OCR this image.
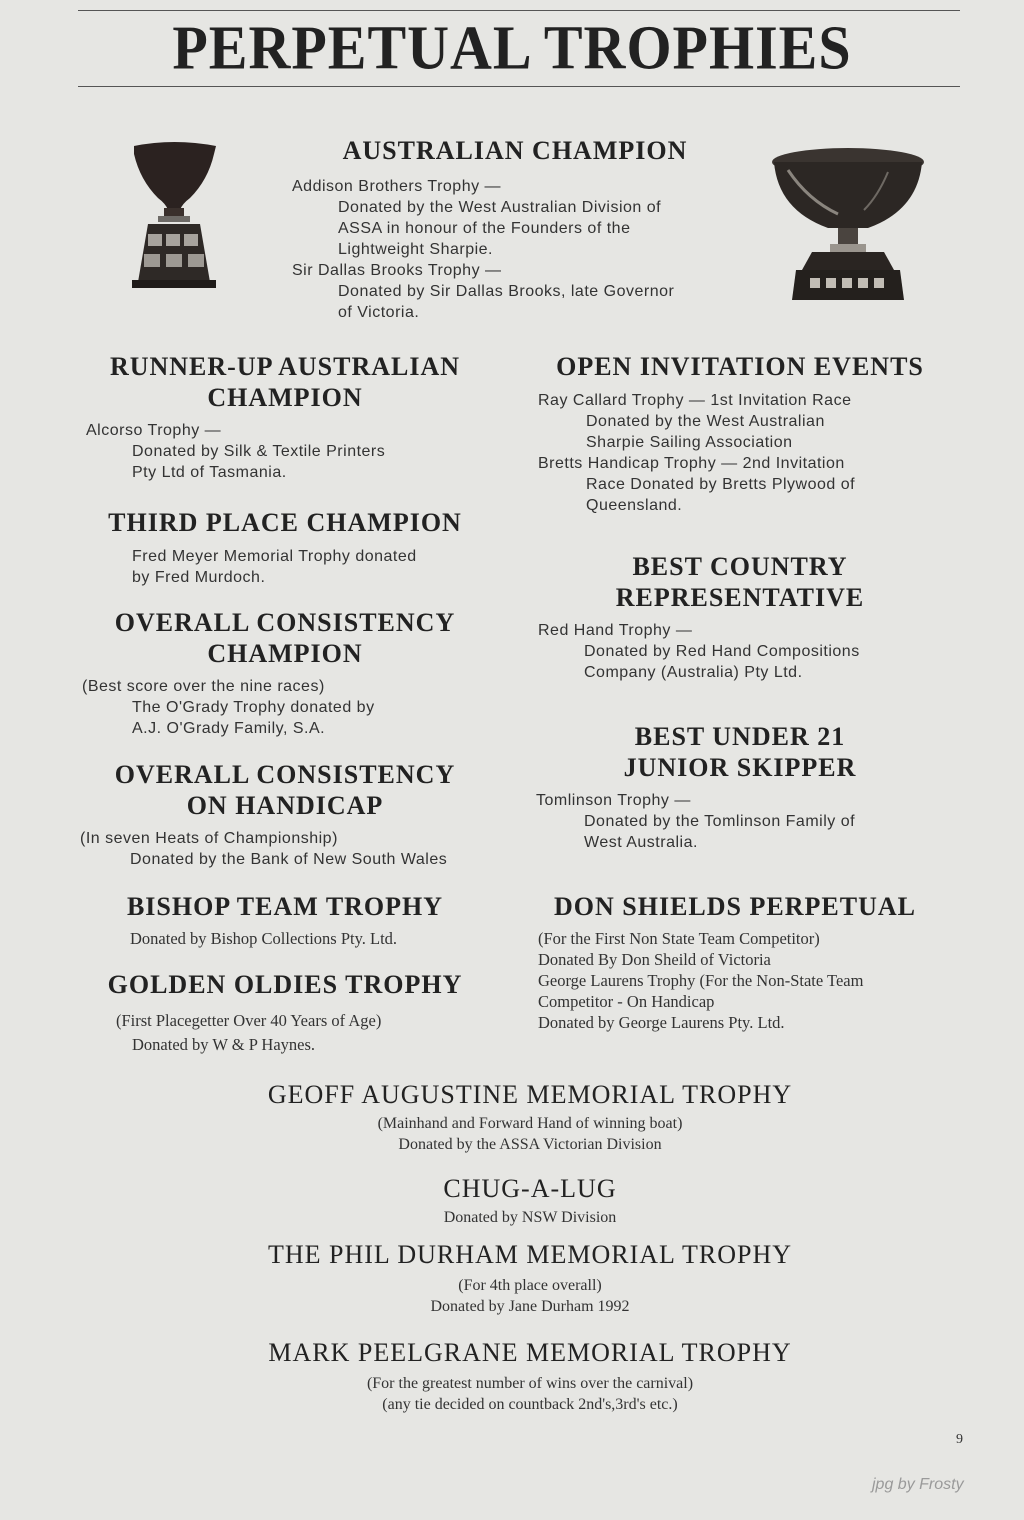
PERPETUAL TROPHIES
AUSTRALIAN CHAMPION
Addison Brothers Trophy —
Donated by the West Australian Division of
ASSA in honour of the Founders of the
Lightweight Sharpie.
Sir Dallas Brooks Trophy —
Donated by Sir Dallas Brooks, late Governor
of Victoria.
RUNNER-UP AUSTRALIAN
CHAMPION
Alcorso Trophy —
Donated by Silk & Textile Printers
Pty Ltd of Tasmania.
THIRD PLACE CHAMPION
Fred Meyer Memorial Trophy donated
by Fred Murdoch.
OVERALL CONSISTENCY
CHAMPION
(Best score over the nine races)
The O'Grady Trophy donated by
A.J. O'Grady Family, S.A.
OVERALL CONSISTENCY
ON HANDICAP
(In seven Heats of Championship)
Donated by the Bank of New South Wales
BISHOP TEAM TROPHY
Donated by Bishop Collections Pty. Ltd.
GOLDEN OLDIES TROPHY
(First Placegetter Over 40 Years of Age)
Donated by W & P Haynes.
OPEN INVITATION EVENTS
Ray Callard Trophy — 1st Invitation Race
Donated by the West Australian
Sharpie Sailing Association
Bretts Handicap Trophy — 2nd Invitation
Race Donated by Bretts Plywood of
Queensland.
BEST COUNTRY
REPRESENTATIVE
Red Hand Trophy —
Donated by Red Hand Compositions
Company (Australia) Pty Ltd.
BEST UNDER 21
JUNIOR SKIPPER
Tomlinson Trophy —
Donated by the Tomlinson Family of
West Australia.
DON SHIELDS PERPETUAL
(For the First Non State Team Competitor)
Donated By Don Sheild of Victoria
George Laurens Trophy (For the Non-State Team
Competitor - On Handicap
Donated by George Laurens Pty. Ltd.
GEOFF AUGUSTINE MEMORIAL TROPHY
(Mainhand and Forward Hand of winning boat)
Donated by the ASSA Victorian Division
CHUG-A-LUG
Donated by NSW Division
THE PHIL DURHAM MEMORIAL TROPHY
(For 4th place overall)
Donated by Jane Durham 1992
MARK PEELGRANE MEMORIAL TROPHY
(For the greatest number of wins over the carnival)
(any tie decided on countback 2nd's,3rd's etc.)
9
jpg by Frosty
